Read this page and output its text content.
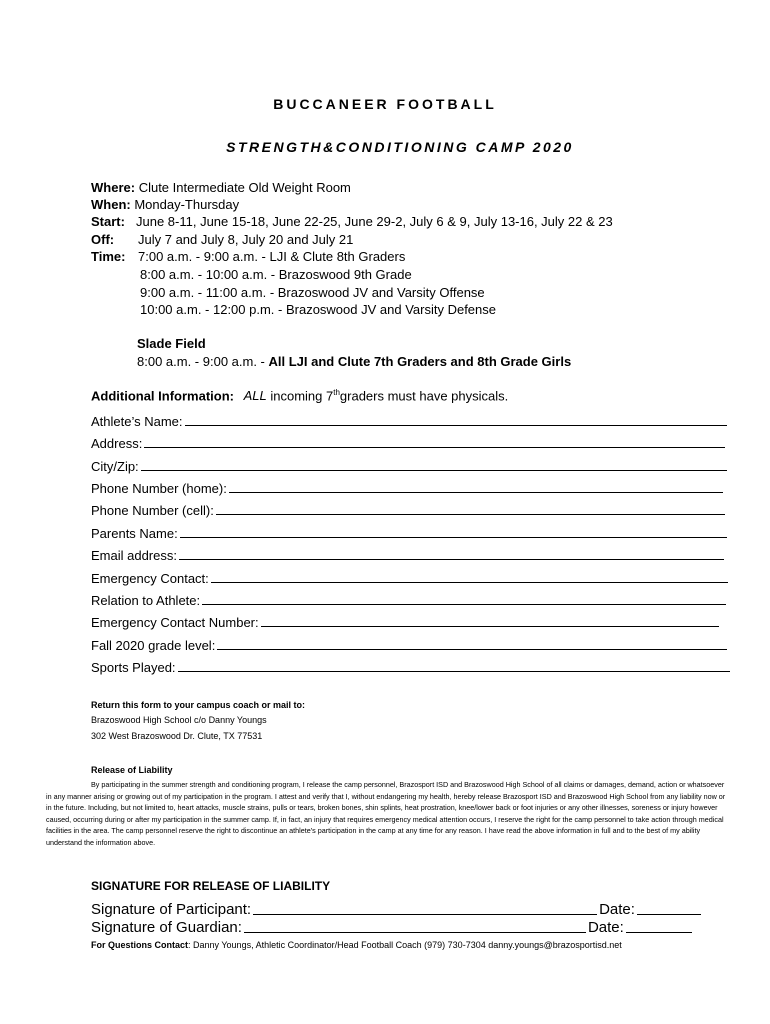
BUCCANEER FOOTBALL
STRENGTH&CONDITIONING CAMP 2020
Where: Clute Intermediate Old Weight Room
When: Monday-Thursday
Start: June 8-11, June 15-18, June 22-25, June 29-2, July 6 & 9, July 13-16, July 22 & 23
Off: July 7 and July 8, July 20 and July 21
Time: 7:00 a.m. - 9:00 a.m. - LJI & Clute 8th Graders
8:00 a.m. - 10:00 a.m. - Brazoswood 9th Grade
9:00 a.m. - 11:00 a.m. - Brazoswood JV and Varsity Offense
10:00 a.m. - 12:00 p.m. - Brazoswood JV and Varsity Defense
Slade Field
8:00 a.m. - 9:00 a.m. - All LJI and Clute 7th Graders and 8th Grade Girls
Additional Information: ALL incoming 7thgraders must have physicals.
Athlete’s Name:
Address:
City/Zip:
Phone Number (home):
Phone Number (cell):
Parents Name:
Email address:
Emergency Contact:
Relation to Athlete:
Emergency Contact Number:
Fall 2020 grade level:
Sports Played:
Return this form to your campus coach or mail to:
Brazoswood High School c/o Danny Youngs
302 West Brazoswood Dr. Clute, TX 77531
Release of Liability
By participating in the summer strength and conditioning program, I release the camp personnel, Brazosport ISD and Brazoswood High School of all claims or damages, demand, action or whatsoever in any manner arising or growing out of my participation in the program. I attest and verify that I, without endangering my health, hereby release Brazosport ISD and Brazoswood High School from any liability now or in the future. Including, but not limited to, heart attacks, muscle strains, pulls or tears, broken bones, shin splints, heat prostration, knee/lower back or foot injuries or any other illnesses, soreness or injury however caused, occurring during or after my participation in the summer camp. If, in fact, an injury that requires emergency medical attention occurs, I reserve the right for the camp personnel to take action through medical facilities in the area. The camp personnel reserve the right to discontinue an athlete's participation in the camp at any time for any reason. I have read the above information in full and to the best of my ability understand the information above.
SIGNATURE FOR RELEASE OF LIABILITY
Signature of Participant:	Date:
Signature of Guardian:	Date:
For Questions Contact: Danny Youngs, Athletic Coordinator/Head Football Coach (979) 730-7304 danny.youngs@brazosportisd.net
